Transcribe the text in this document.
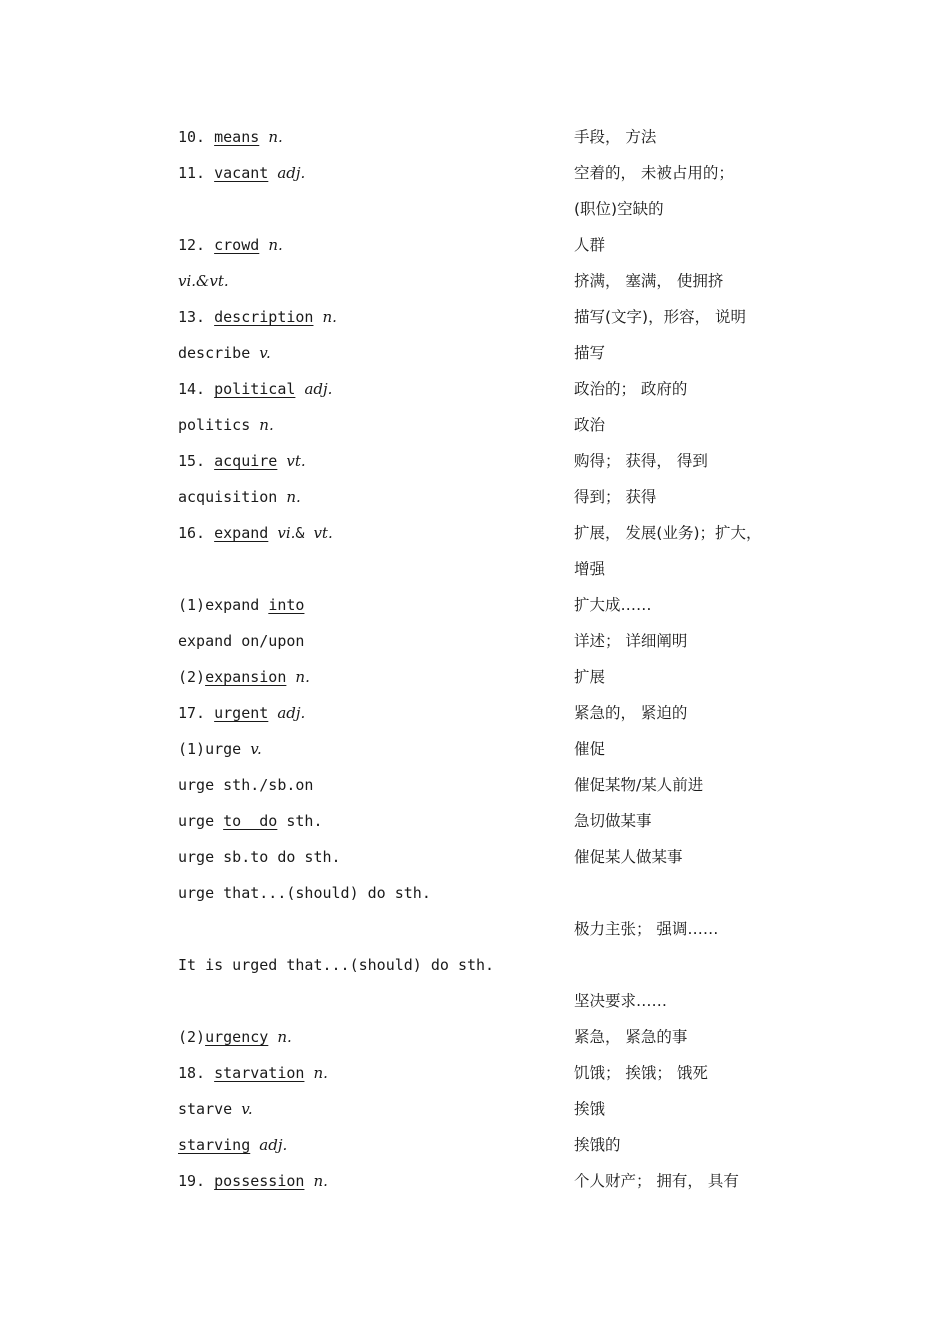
10. means n.	手段， 方法
11. vacant adj.	空着的， 未被占用的；
(职位)空缺的
12. crowd n.	人群
vi.&vt.	挤满， 塞满， 使拥挤
13. description n.	描写(文字)，形容， 说明
describe v.	描写
14. political adj.	政治的； 政府的
politics n.	政治
15. acquire vt.	购得； 获得， 得到
acquisition n.	得到； 获得
16. expand vi.& vt.	扩展， 发展(业务)；扩大，
增强
(1)expand into	扩大成……
expand on/upon	详述； 详细阐明
(2)expansion n.	扩展
17. urgent adj.	紧急的， 紧迫的
(1)urge v.	催促
urge sth./sb.on	催促某物/某人前进
urge to  do sth.	急切做某事
urge sb.to do sth.	催促某人做某事
urge that...(should) do sth.
极力主张； 强调……
It is urged that...(should) do sth.
坚决要求……
(2)urgency n.	紧急， 紧急的事
18. starvation n.	饥饿； 挨饿； 饿死
starve v.	挨饿
starving adj.	挨饿的
19. possession n.	个人财产； 拥有， 具有
